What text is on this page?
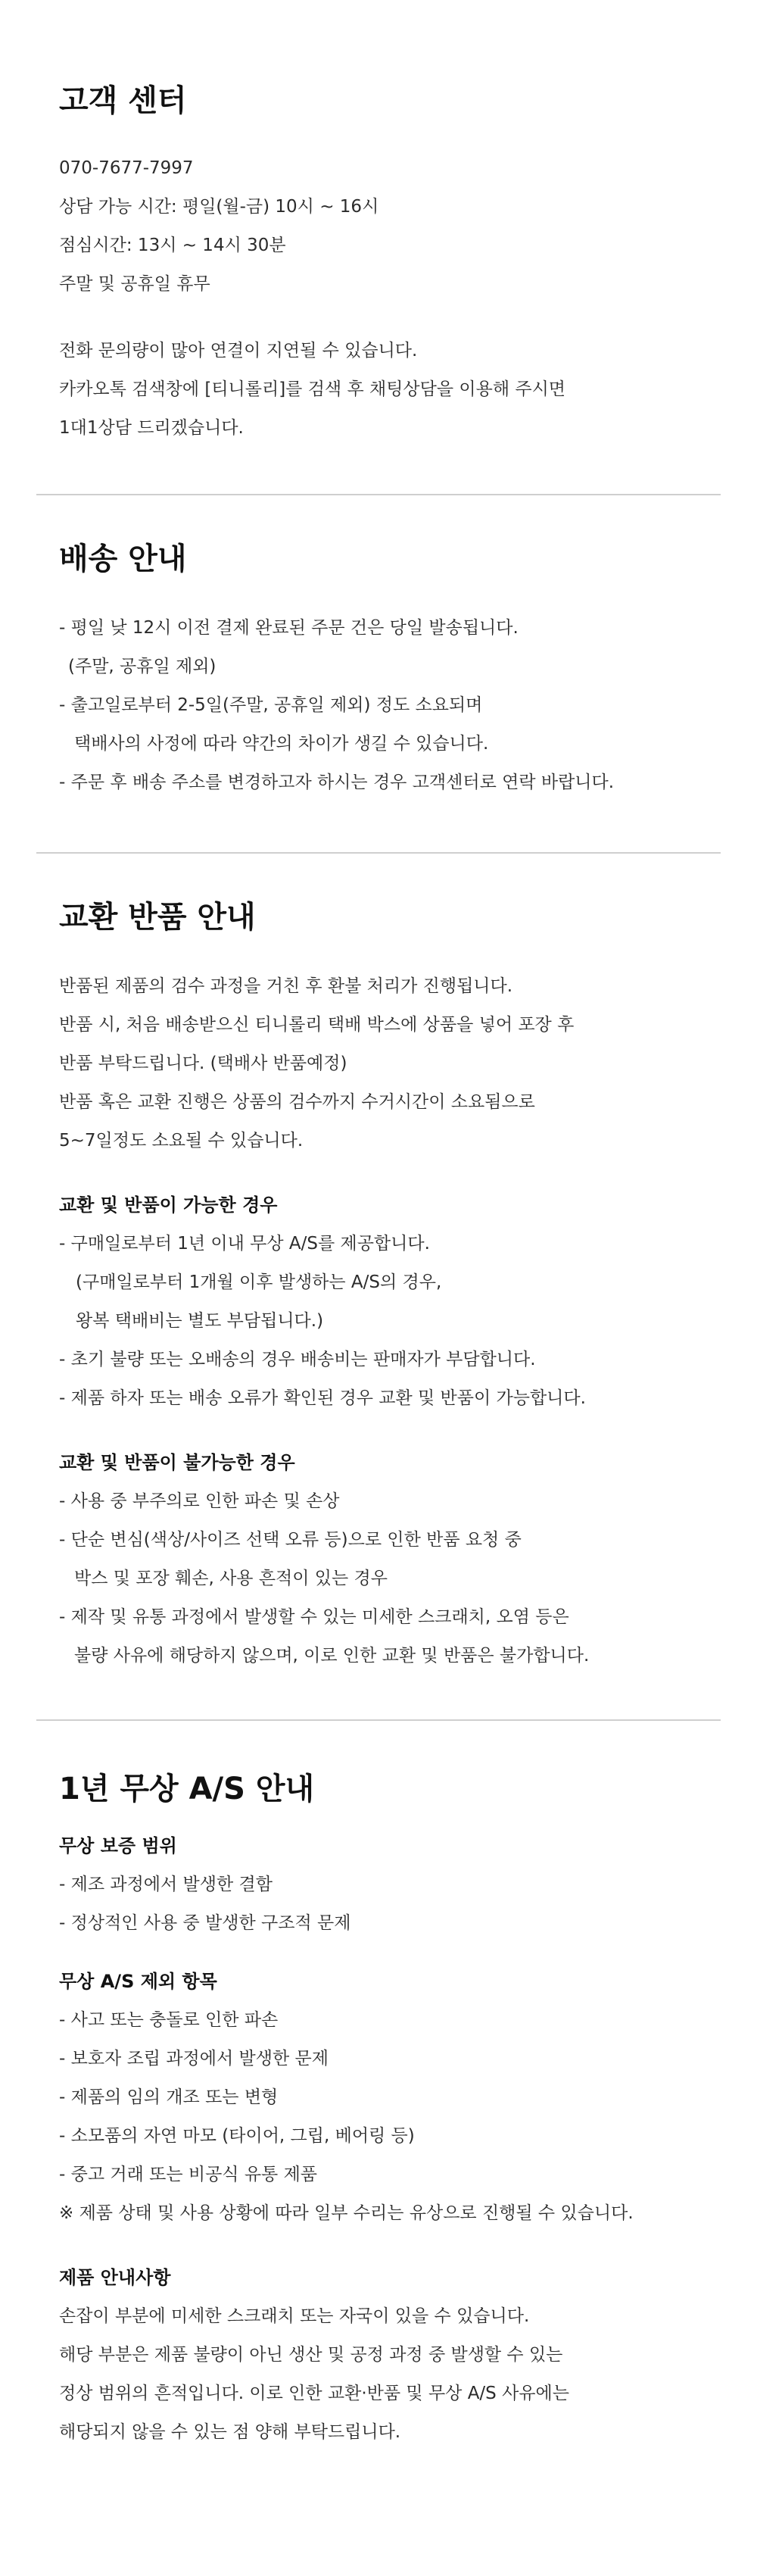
고객 센터

070-7677-7997

상담 가능 시간: 평일(월-금) 10시 ~ 16시

점심시간: 13시 ~ 14시 30분

주말 및 공휴일 휴무

전화 문의량이 많아 연결이 지연될 수 있습니다.

카카오톡 검색창에 [티니롤리]를 검색 후 채팅상담을 이용해 주시면

1대1상담 드리겠습니다.

배송 안내

- 평일 낮 12시 이전 결제 완료된 주문 건은 당일 발송됩니다.

(주말, 공휴일 제외)

- 출고일로부터 2-5일(주말, 공휴일 제외) 정도 소요되며

택배사의 사정에 따라 약간의 차이가 생길 수 있습니다.

- 주문 후 배송 주소를 변경하고자 하시는 경우 고객센터로 연락 바랍니다.

교환 반품 안내

반품된 제품의 검수 과정을 거친 후 환불 처리가 진행됩니다.

반품 시, 처음 배송받으신 티니롤리 택배 박스에 상품을 넣어 포장 후

반품 부탁드립니다. (택배사 반품예정)

반품 혹은 교환 진행은 상품의 검수까지 수거시간이 소요됨으로

5~7일정도 소요될 수 있습니다.

교환 및 반품이 가능한 경우

- 구매일로부터 1년 이내 무상 A/S를 제공합니다.

(구매일로부터 1개월 이후 발생하는 A/S의 경우,

왕복 택배비는 별도 부담됩니다.)

- 초기 불량 또는 오배송의 경우 배송비는 판매자가 부담합니다.

- 제품 하자 또는 배송 오류가 확인된 경우 교환 및 반품이 가능합니다.

교환 및 반품이 불가능한 경우

- 사용 중 부주의로 인한 파손 및 손상

- 단순 변심(색상/사이즈 선택 오류 등)으로 인한 반품 요청 중

박스 및 포장 훼손, 사용 흔적이 있는 경우

- 제작 및 유통 과정에서 발생할 수 있는 미세한 스크래치, 오염 등은

불량 사유에 해당하지 않으며, 이로 인한 교환 및 반품은 불가합니다.

1년 무상 A/S 안내

무상 보증 범위

- 제조 과정에서 발생한 결함

- 정상적인 사용 중 발생한 구조적 문제

무상 A/S 제외 항목

- 사고 또는 충돌로 인한 파손

- 보호자 조립 과정에서 발생한 문제

- 제품의 임의 개조 또는 변형

- 소모품의 자연 마모 (타이어, 그립, 베어링 등)

- 중고 거래 또는 비공식 유통 제품

※ 제품 상태 및 사용 상황에 따라 일부 수리는 유상으로 진행될 수 있습니다.

제품 안내사항

손잡이 부분에 미세한 스크래치 또는 자국이 있을 수 있습니다.

해당 부분은 제품 불량이 아닌 생산 및 공정 과정 중 발생할 수 있는

정상 범위의 흔적입니다. 이로 인한 교환·반품 및 무상 A/S 사유에는

해당되지 않을 수 있는 점 양해 부탁드립니다.
